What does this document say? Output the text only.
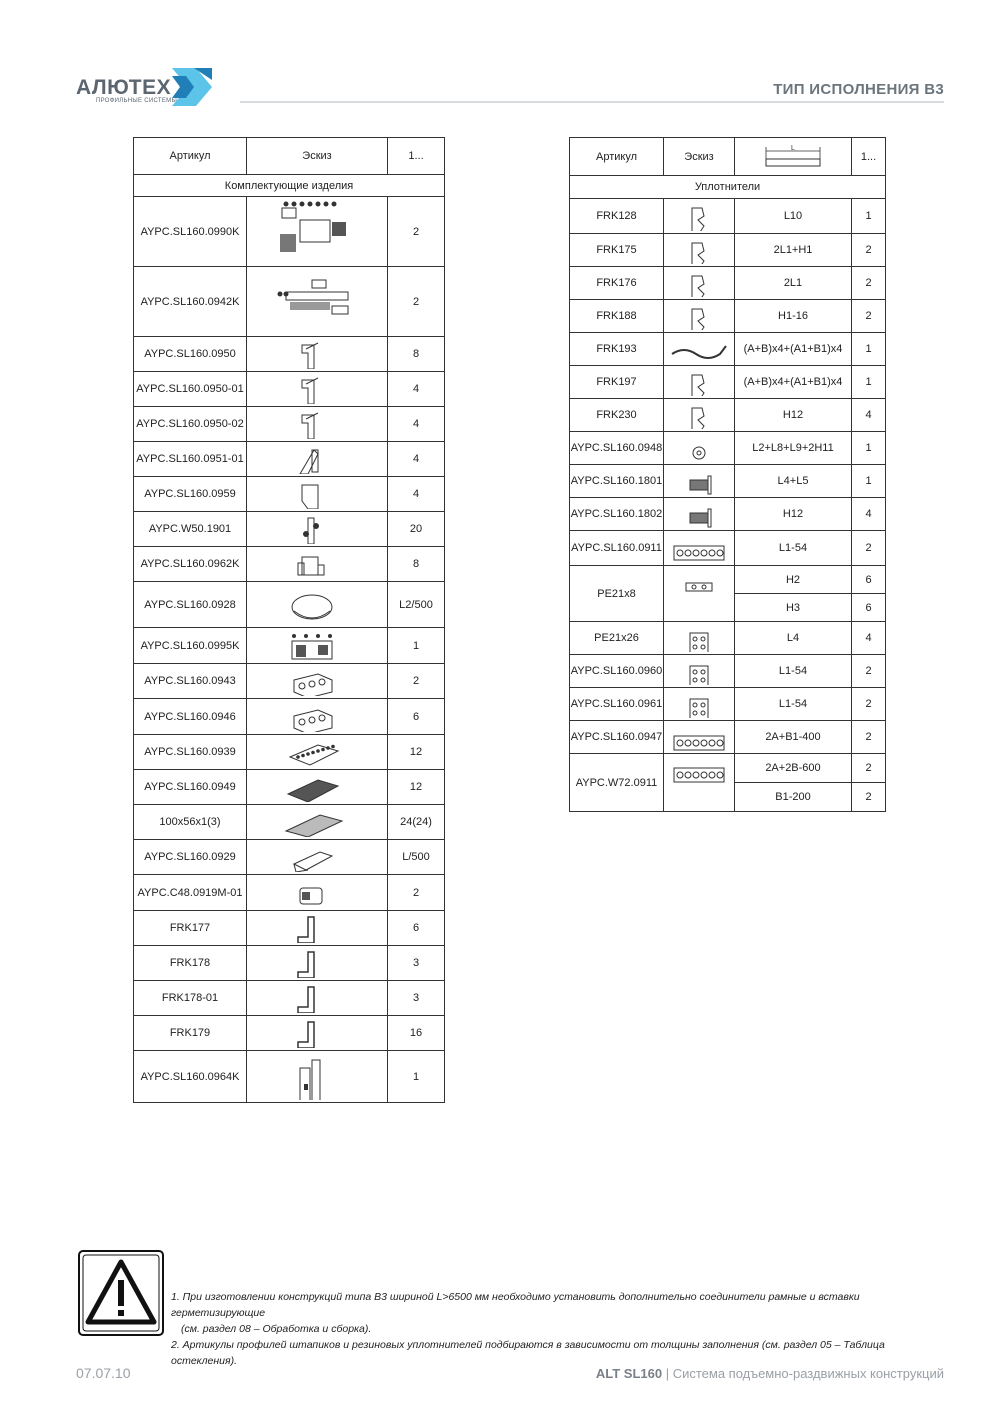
АЛЮТЕХ
ПРОФИЛЬНЫЕ СИСТЕМЫ
ТИП ИСПОЛНЕНИЯ В3
Артикул	Эскиз	1...
Комплектующие изделия		
AYPC.SL160.0990K		2
AYPC.SL160.0942K		2
AYPC.SL160.0950		8
AYPC.SL160.0950-01		4
AYPC.SL160.0950-02		4
AYPC.SL160.0951-01		4
AYPC.SL160.0959		4
AYPC.W50.1901		20
AYPC.SL160.0962K		8
AYPC.SL160.0928		L2/500
AYPC.SL160.0995K		1
AYPC.SL160.0943		2
AYPC.SL160.0946		6
AYPC.SL160.0939		12
AYPC.SL160.0949		12
100x56x1(3)		24(24)
AYPC.SL160.0929		L/500
AYPC.C48.0919M-01		2
FRK177		6
FRK178		3
FRK178-01		3
FRK179		16
AYPC.SL160.0964K		1
Артикул	Эскиз	L	1...
Уплотнители			
FRK128		L10	1
FRK175		2L1+H1	2
FRK176		2L1	2
FRK188		H1-16	2
FRK193		(A+B)x4+(A1+B1)x4	1
FRK197		(A+B)x4+(A1+B1)x4	1
FRK230		H12	4
AYPC.SL160.0948		L2+L8+L9+2H11	1
AYPC.SL160.1801		L4+L5	1
AYPC.SL160.1802		H12	4
AYPC.SL160.0911		L1-54	2
PE21x8		H2	6
		H3	6
PE21x26		L4	4
AYPC.SL160.0960		L1-54	2
AYPC.SL160.0961		L1-54	2
AYPC.SL160.0947		2A+B1-400	2
AYPC.W72.0911		2A+2B-600	2
		B1-200	2

1. При изготовлении конструкций типа В3 шириной L>6500 мм необходимо установить дополнительно соединители рамные и вставки герметизирующие

(см. раздел 08 – Обработка и сборка).

2. Артикулы профилей штапиков и резиновых уплотнителей подбираются в зависимости от толщины заполнения (см. раздел 05 – Таблица остекления).

07.07.10	ALT SL160 | Система подъемно-раздвижных конструкций
